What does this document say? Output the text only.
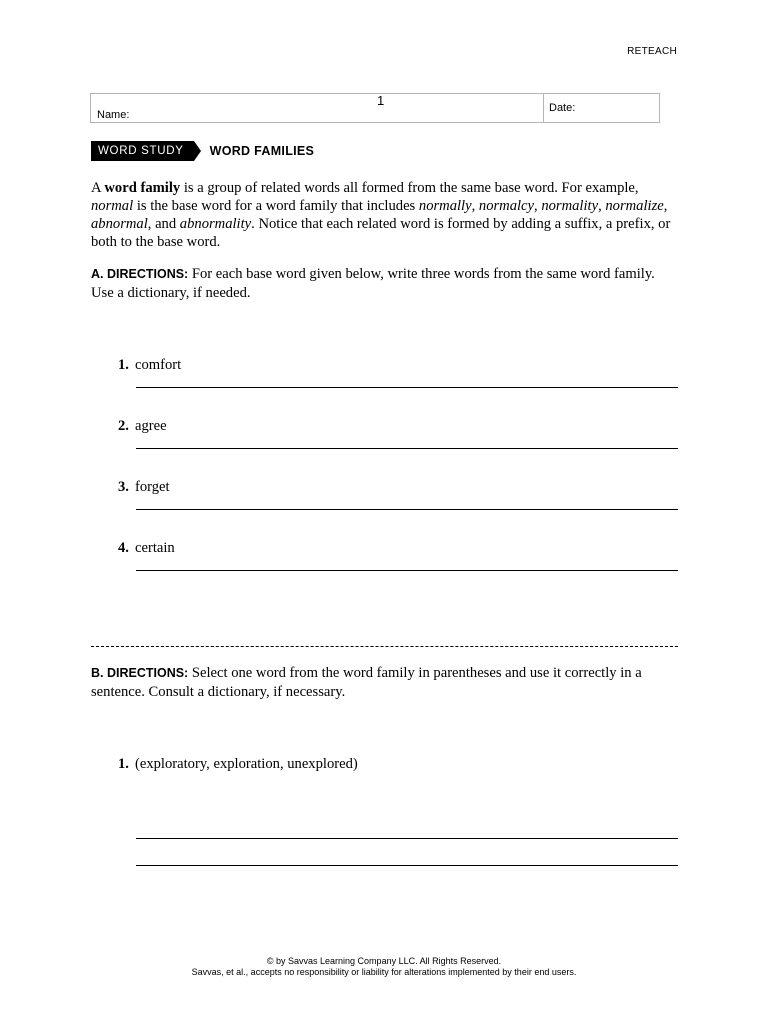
RETEACH
Name:
Date:
1
WORD STUDY	WORD FAMILIES
A word family is a group of related words all formed from the same base word. For example, normal is the base word for a word family that includes normally, normalcy, normality, normalize, abnormal, and abnormality. Notice that each related word is formed by adding a suffix, a prefix, or both to the base word.
A. DIRECTIONS: For each base word given below, write three words from the same word family. Use a dictionary, if needed.
1. comfort
2. agree
3. forget
4. certain
B. DIRECTIONS: Select one word from the word family in parentheses and use it correctly in a sentence. Consult a dictionary, if necessary.
1. (exploratory, exploration, unexplored)
© by Savvas Learning Company LLC. All Rights Reserved.
Savvas, et al., accepts no responsibility or liability for alterations implemented by their end users.
